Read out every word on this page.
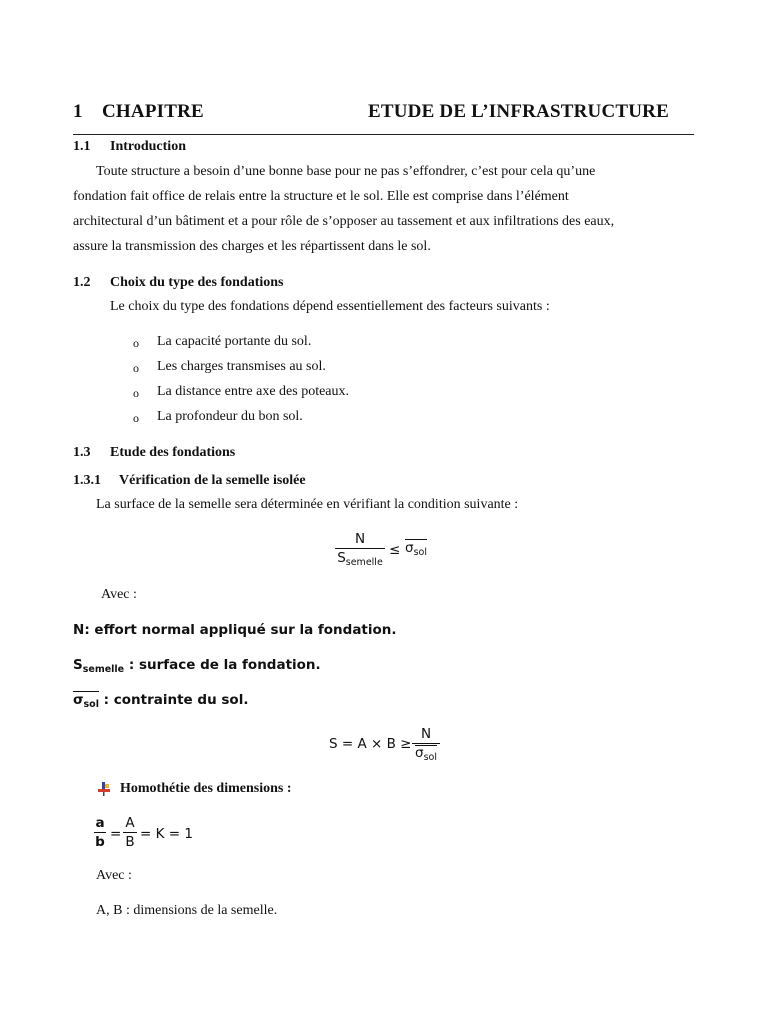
1 CHAPITRE	ETUDE DE L’INFRASTRUCTURE
1.1 Introduction
Toute structure a besoin d’une bonne base pour ne pas s’effondrer, c’est pour cela qu’une
fondation fait office de relais entre la structure et le sol. Elle est comprise dans l’élément
architectural d’un bâtiment et a pour rôle de s’opposer au tassement et aux infiltrations des eaux,
assure la transmission des charges et les répartissent dans le sol.
1.2 Choix du type des fondations
Le choix du type des fondations dépend essentiellement des facteurs suivants :
o La capacité portante du sol.
o Les charges transmises au sol.
o La distance entre axe des poteaux.
o La profondeur du bon sol.
1.3 Etude des fondations
1.3.1 Vérification de la semelle isolée
La surface de la semelle sera déterminée en vérifiant la condition suivante :
N
$S_{semelle}$
≤ $\sigma_{sol}$
Avec :
N: effort normal appliqué sur la fondation.
$S_{semelle}$ : surface de la fondation.
$\sigma_{sol}$ : contrainte du sol.
S = A × B ≥
N
$\sigma_{sol}$
Homothétie des dimensions :
a
b =
A
B = K = 1
Avec :
A, B : dimensions de la semelle.
